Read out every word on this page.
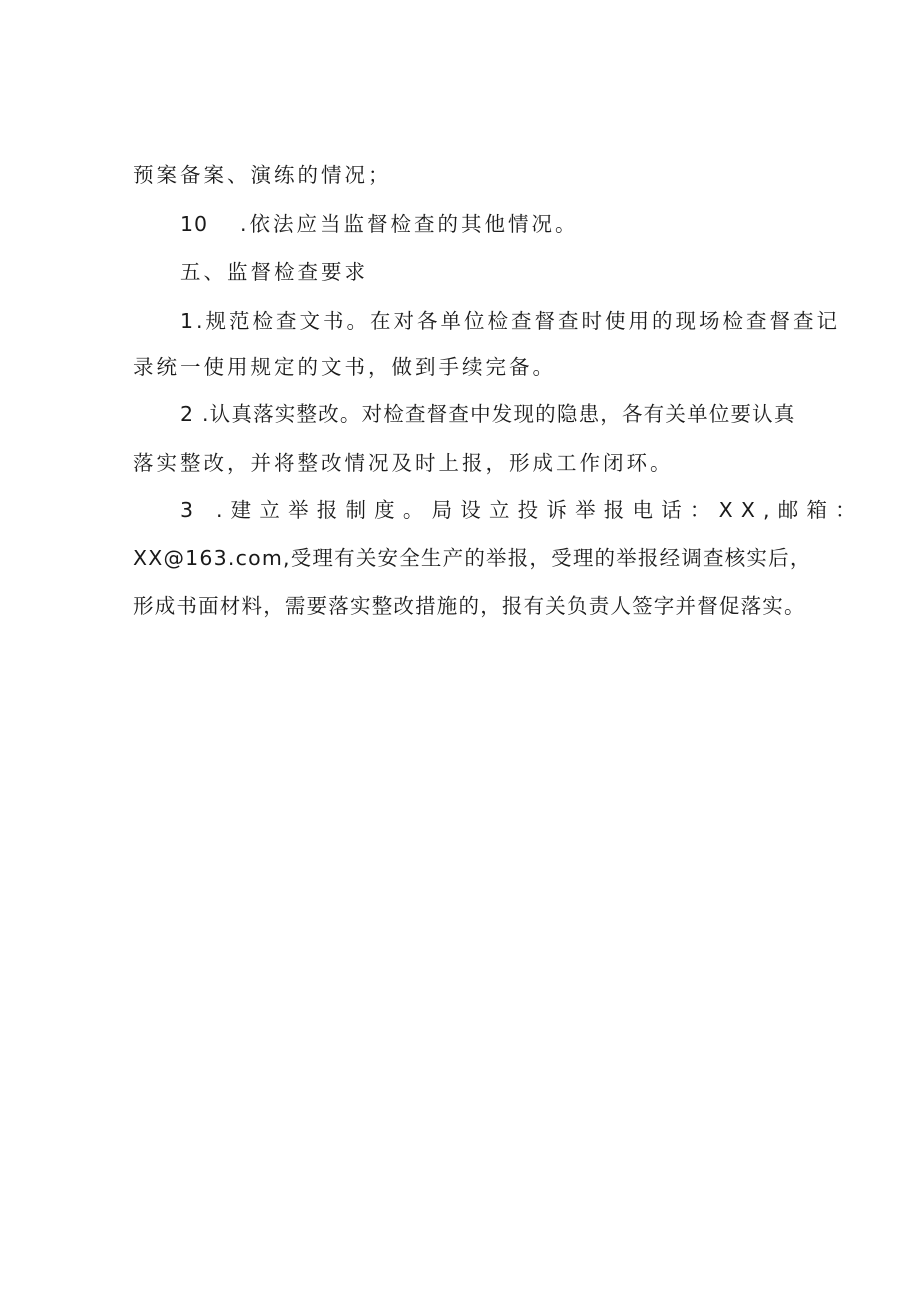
预案备案、演练的情况；
10 .依法应当监督检查的其他情况。
五、监督检查要求
1.规范检查文书。在对各单位检查督查时使用的现场检查督查记
录统一使用规定的文书，做到手续完备。
2 .认真落实整改。对检查督查中发现的隐患，各有关单位要认真
落实整改，并将整改情况及时上报，形成工作闭环。
3 .建立举报制度。局设立投诉举报电话：XX,邮箱：
XX@163.com,受理有关安全生产的举报，受理的举报经调查核实后，
形成书面材料，需要落实整改措施的，报有关负责人签字并督促落实。
